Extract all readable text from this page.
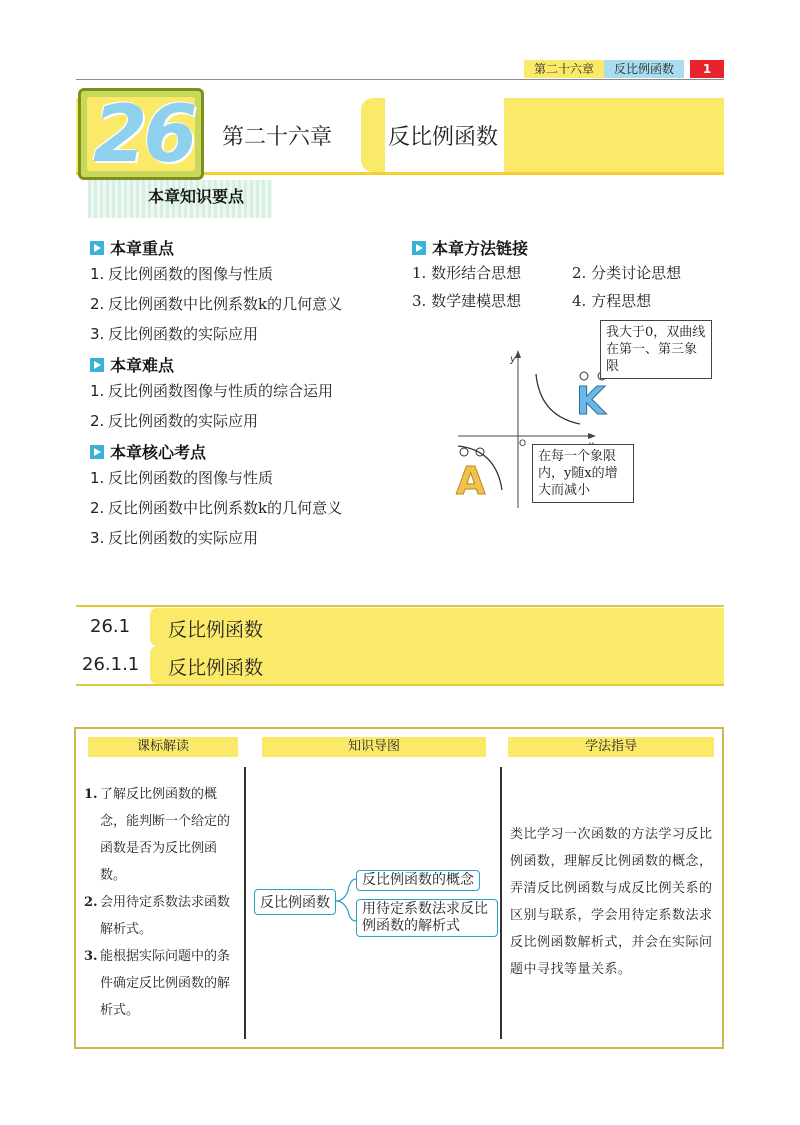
第二十六章	反比例函数	1
26 第二十六章	反比例函数
本章知识要点
本章重点
1. 反比例函数的图像与性质
2. 反比例函数中比例系数k的几何意义
3. 反比例函数的实际应用
本章难点
1. 反比例函数图像与性质的综合运用
2. 反比例函数的实际应用
本章核心考点
1. 反比例函数的图像与性质
2. 反比例函数中比例系数k的几何意义
3. 反比例函数的实际应用
本章方法链接
1. 数形结合思想	2. 分类讨论思想
3. 数学建模思想	4. 方程思想
y
O
K
A
我大于0，双曲线在第一、第三象限
在每一个象限内，y随x的增大而减小
26.1 反比例函数
26.1.1 反比例函数
课标解读	知识导图	学法指导
1. 了解反比例函数的概念，能判断一个给定的函数是否为反比例函数。
2. 会用待定系数法求函数解析式。
3. 能根据实际问题中的条件确定反比例函数的解析式。
反比例函数
反比例函数的概念
用待定系数法求反比例函数的解析式
类比学习一次函数的方法学习反比例函数，理解反比例函数的概念，弄清反比例函数与成反比例关系的区别与联系，学会用待定系数法求反比例函数解析式，并会在实际问题中寻找等量关系。
